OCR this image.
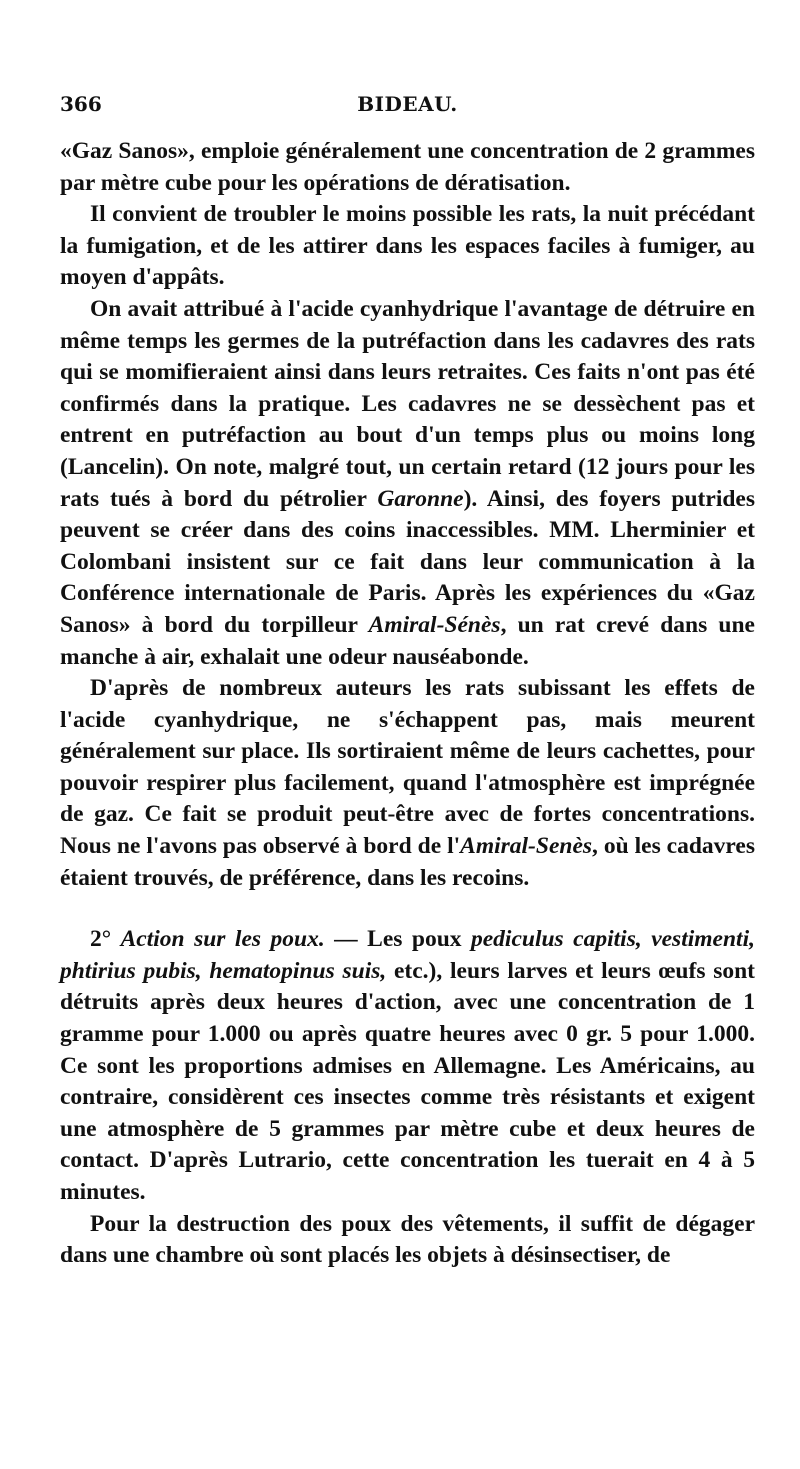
366	BIDEAU.

«Gaz Sanos», emploie généralement une concentration de 2 grammes par mètre cube pour les opérations de dératisation.

Il convient de troubler le moins possible les rats, la nuit précédant la fumigation, et de les attirer dans les espaces faciles à fumiger, au moyen d'appâts.

On avait attribué à l'acide cyanhydrique l'avantage de détruire en même temps les germes de la putréfaction dans les cadavres des rats qui se momifieraient ainsi dans leurs retraites. Ces faits n'ont pas été confirmés dans la pratique. Les cadavres ne se dessèchent pas et entrent en putréfaction au bout d'un temps plus ou moins long (Lancelin). On note, malgré tout, un certain retard (12 jours pour les rats tués à bord du pétrolier Garonne). Ainsi, des foyers putrides peuvent se créer dans des coins inaccessibles. MM. Lherminier et Colombani insistent sur ce fait dans leur communication à la Conférence internationale de Paris. Après les expériences du «Gaz Sanos» à bord du torpilleur Amiral-Sénès, un rat crevé dans une manche à air, exhalait une odeur nauséabonde.

D'après de nombreux auteurs les rats subissant les effets de l'acide cyanhydrique, ne s'échappent pas, mais meurent généralement sur place. Ils sortiraient même de leurs cachettes, pour pouvoir respirer plus facilement, quand l'atmosphère est imprégnée de gaz. Ce fait se produit peut-être avec de fortes concentrations. Nous ne l'avons pas observé à bord de l'Amiral-Senès, où les cadavres étaient trouvés, de préférence, dans les recoins.

2° Action sur les poux. — Les poux pediculus capitis, vestimenti, phtirius pubis, hematopinus suis, etc.), leurs larves et leurs œufs sont détruits après deux heures d'action, avec une concentration de 1 gramme pour 1.000 ou après quatre heures avec 0 gr. 5 pour 1.000. Ce sont les proportions admises en Allemagne. Les Américains, au contraire, considèrent ces insectes comme très résistants et exigent une atmosphère de 5 grammes par mètre cube et deux heures de contact. D'après Lutrario, cette concentration les tuerait en 4 à 5 minutes.

Pour la destruction des poux des vêtements, il suffit de dégager dans une chambre où sont placés les objets à désinsectiser, de
